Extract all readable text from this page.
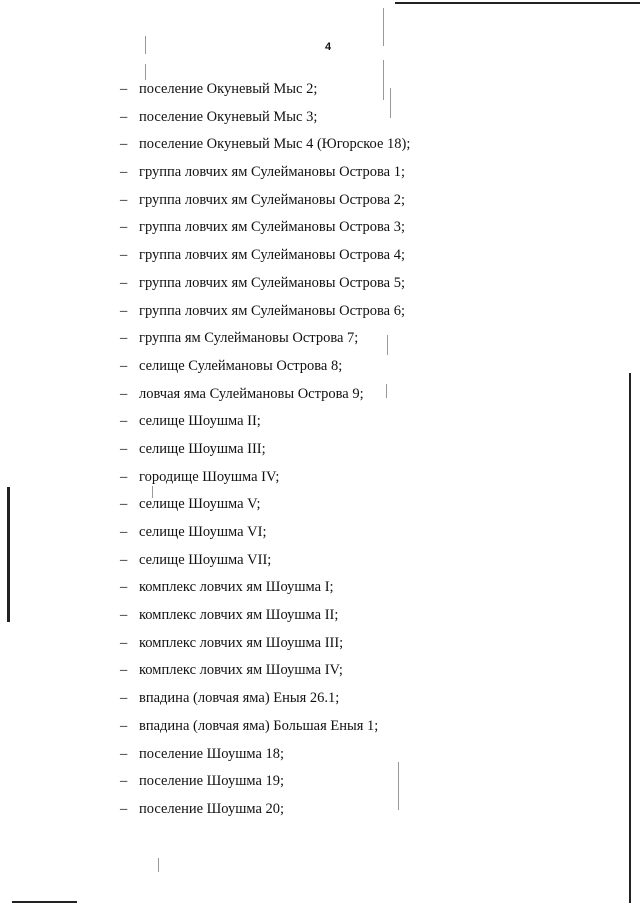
4
– поселение Окуневый Мыс 2;
– поселение Окуневый Мыс 3;
– поселение Окуневый Мыс 4 (Югорское 18);
– группа ловчих ям Сулеймановы Острова 1;
– группа ловчих ям Сулеймановы Острова 2;
– группа ловчих ям Сулеймановы Острова 3;
– группа ловчих ям Сулеймановы Острова 4;
– группа ловчих ям Сулеймановы Острова 5;
– группа ловчих ям Сулеймановы Острова 6;
– группа ям Сулеймановы Острова 7;
– селище Сулеймановы Острова 8;
– ловчая яма Сулеймановы Острова 9;
– селище Шоушма II;
– селище Шоушма III;
– городище Шоушма IV;
– селище Шоушма V;
– селище Шоушма VI;
– селище Шоушма VII;
– комплекс ловчих ям Шоушма I;
– комплекс ловчих ям Шоушма II;
– комплекс ловчих ям Шоушма III;
– комплекс ловчих ям Шоушма IV;
– впадина (ловчая яма) Еныя 26.1;
– впадина (ловчая яма) Большая Еныя 1;
– поселение Шоушма 18;
– поселение Шоушма 19;
– поселение Шоушма 20;
